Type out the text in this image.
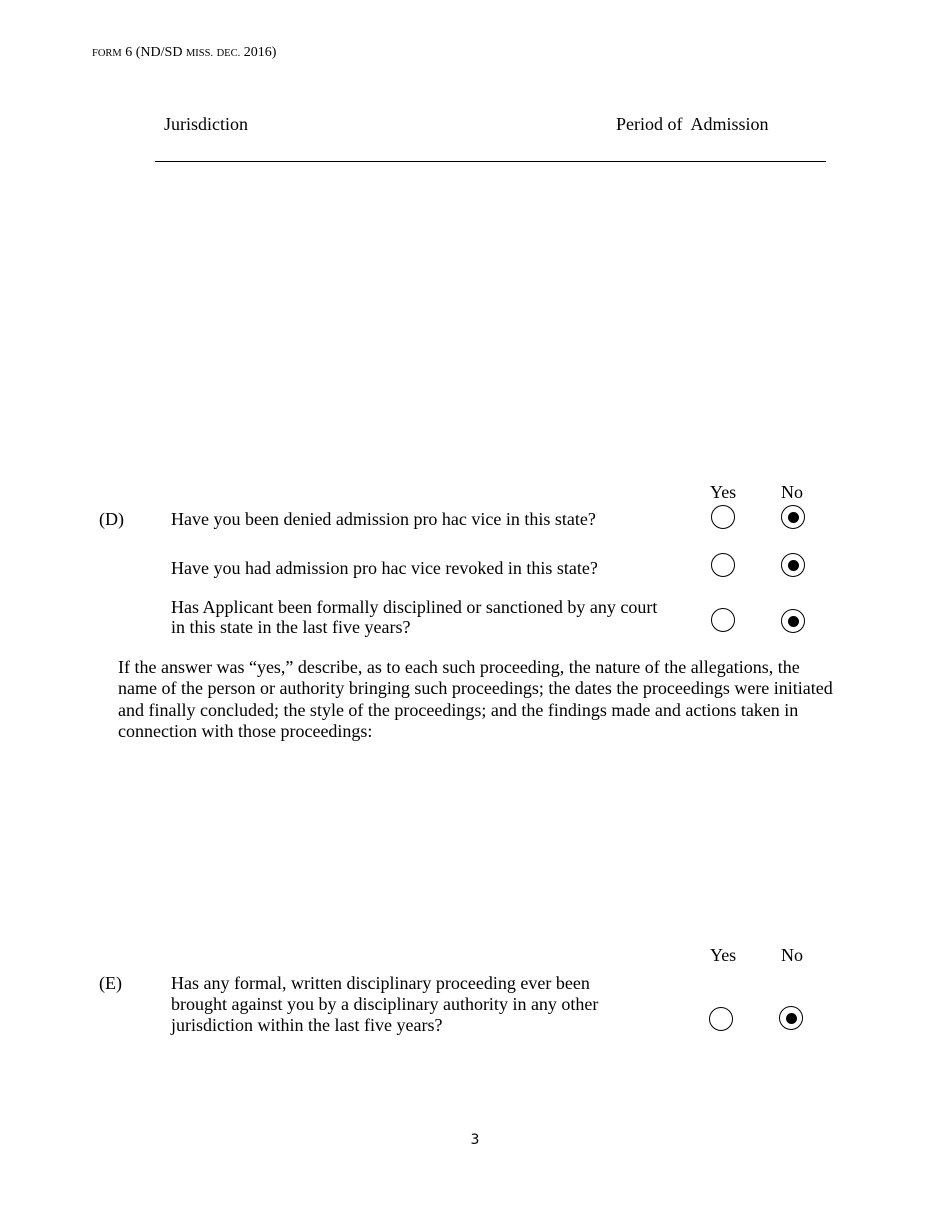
FORM 6 (ND/SD MISS. DEC. 2016)
Jurisdiction	Period of  Admission
Yes No
(D)	Have you been denied admission pro hac vice in this state?
Have you had admission pro hac vice revoked in this state?
Has Applicant been formally disciplined or sanctioned by any court
in this state in the last five years?
If the answer was “yes,” describe, as to each such proceeding, the nature of the allegations, the
name of the person or authority bringing such proceedings; the dates the proceedings were initiated
and finally concluded; the style of the proceedings; and the findings made and actions taken in
connection with those proceedings:
Yes No
(E)	Has any formal, written disciplinary proceeding ever been
brought against you by a disciplinary authority in any other
jurisdiction within the last five years?
3
